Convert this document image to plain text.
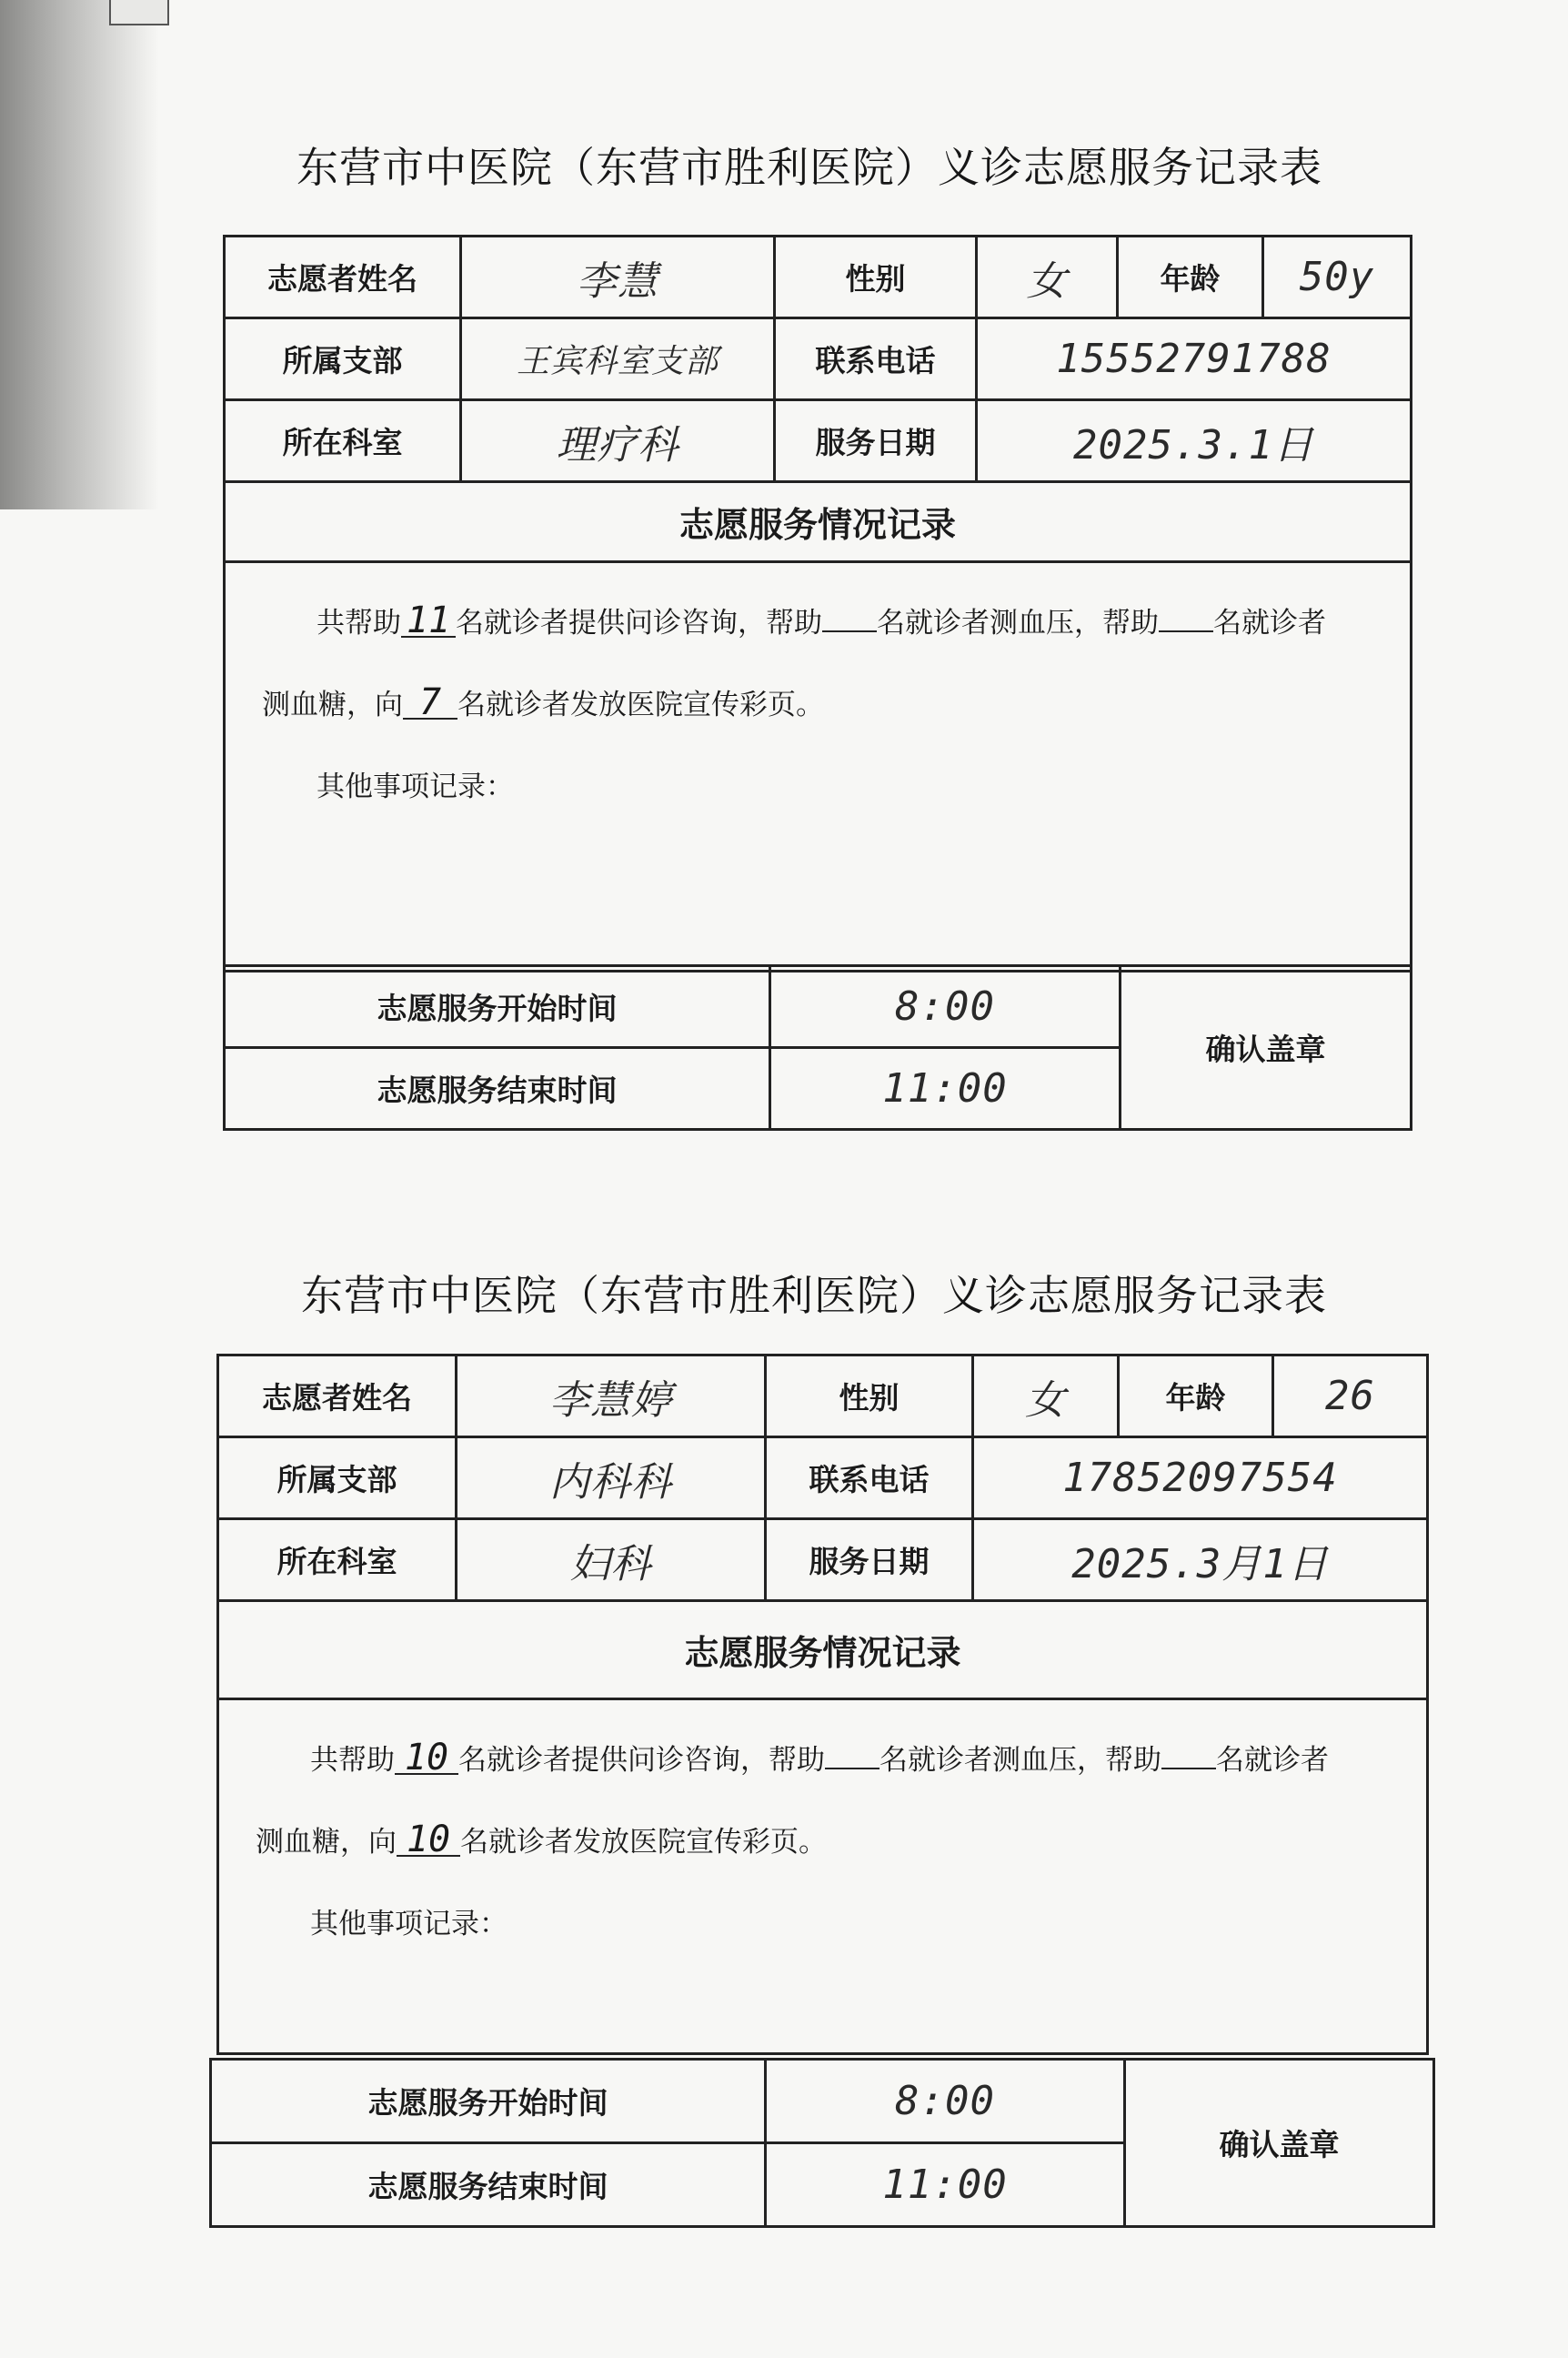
东营市中医院（东营市胜利医院）义诊志愿服务记录表
志愿者姓名	李慧	性别	女	年龄	50y
所属支部	王宾科室支部	联系电话	15552791788		
所在科室	理疗科	服务日期	2025.3.1日		
志愿服务情况记录					

共帮助 11 名就诊者提供问诊咨询，帮助 名就诊者测血压，帮助 名就诊者
测血糖，向 7 名就诊者发放医院宣传彩页。
其他事项记录：					
志愿服务开始时间	8:00	确认盖章
志愿服务结束时间	11:00	
东营市中医院（东营市胜利医院）义诊志愿服务记录表
志愿者姓名	李慧婷	性别	女	年龄	26
所属支部	内科科	联系电话	17852097554		
所在科室	妇科	服务日期	2025.3月1日		
志愿服务情况记录					

共帮助 10 名就诊者提供问诊咨询，帮助 名就诊者测血压，帮助 名就诊者
测血糖，向 10 名就诊者发放医院宣传彩页。
其他事项记录：					
志愿服务开始时间	8:00	确认盖章
志愿服务结束时间	11:00	
